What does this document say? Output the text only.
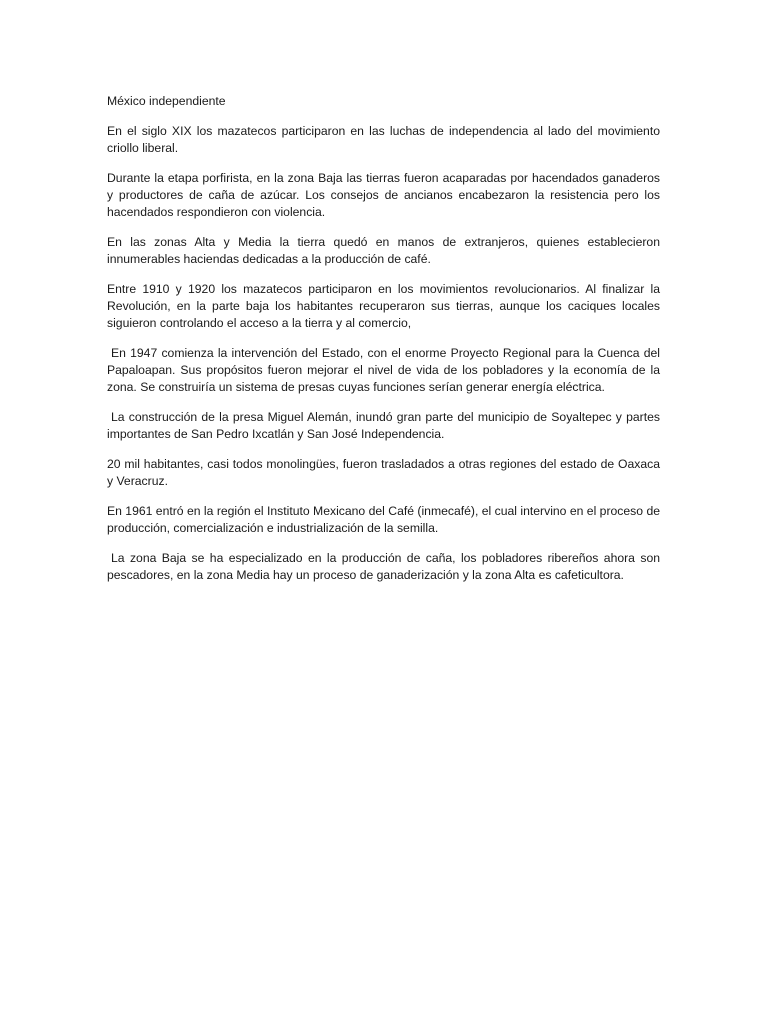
México independiente

En el siglo XIX los mazatecos participaron en las luchas de independencia al lado del movimiento criollo liberal.

Durante la etapa porfirista, en la zona Baja las tierras fueron acaparadas por hacendados ganaderos y productores de caña de azúcar. Los consejos de ancianos encabezaron la resistencia pero los hacendados respondieron con violencia.

En las zonas Alta y Media la tierra quedó en manos de extranjeros, quienes establecieron innumerables haciendas dedicadas a la producción de café.

Entre 1910 y 1920 los mazatecos participaron en los movimientos revolucionarios. Al finalizar la Revolución, en la parte baja los habitantes recuperaron sus tierras, aunque los caciques locales siguieron controlando el acceso a la tierra y al comercio,

En 1947 comienza la intervención del Estado, con el enorme Proyecto Regional para la Cuenca del Papaloapan. Sus propósitos fueron mejorar el nivel de vida de los pobladores y la economía de la zona. Se construiría un sistema de presas cuyas funciones serían generar energía eléctrica.

La construcción de la presa Miguel Alemán, inundó gran parte del municipio de Soyaltepec y partes importantes de San Pedro Ixcatlán y San José Independencia.

20 mil habitantes, casi todos monolingües, fueron trasladados a otras regiones del estado de Oaxaca y Veracruz.

En 1961 entró en la región el Instituto Mexicano del Café (inmecafé), el cual intervino en el proceso de producción, comercialización e industrialización de la semilla.

La zona Baja se ha especializado en la producción de caña, los pobladores ribereños ahora son pescadores, en la zona Media hay un proceso de ganaderización y la zona Alta es cafeticultora.
